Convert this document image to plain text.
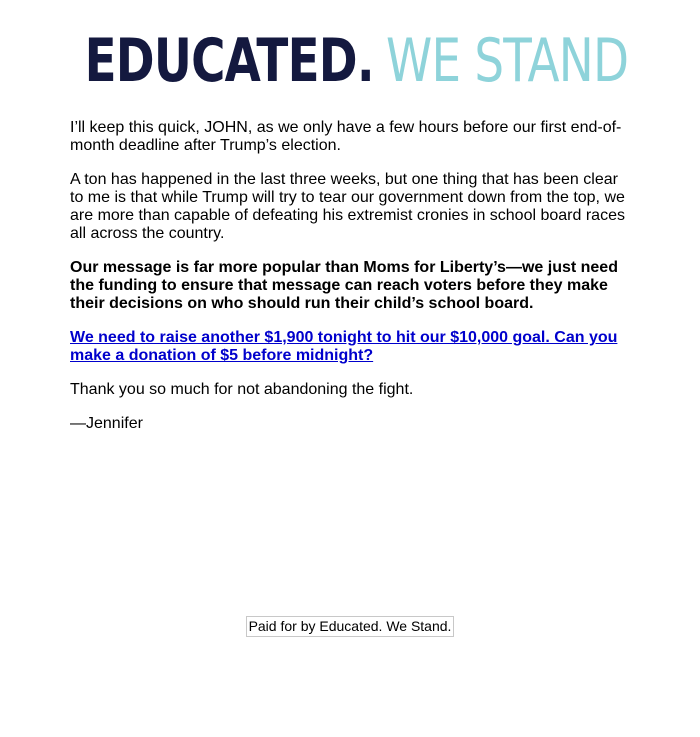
EDUCATED. WE STAND

I’ll keep this quick, JOHN, as we only have a few hours before our first end-of-month deadline after Trump’s election.

A ton has happened in the last three weeks, but one thing that has been clear to me is that while Trump will try to tear our government down from the top, we are more than capable of defeating his extremist cronies in school board races all across the country.

Our message is far more popular than Moms for Liberty’s—we just need the funding to ensure that message can reach voters before they make their decisions on who should run their child’s school board.

We need to raise another $1,900 tonight to hit our $10,000 goal. Can you make a donation of $5 before midnight?

Thank you so much for not abandoning the fight.

—Jennifer

Paid for by Educated. We Stand.
